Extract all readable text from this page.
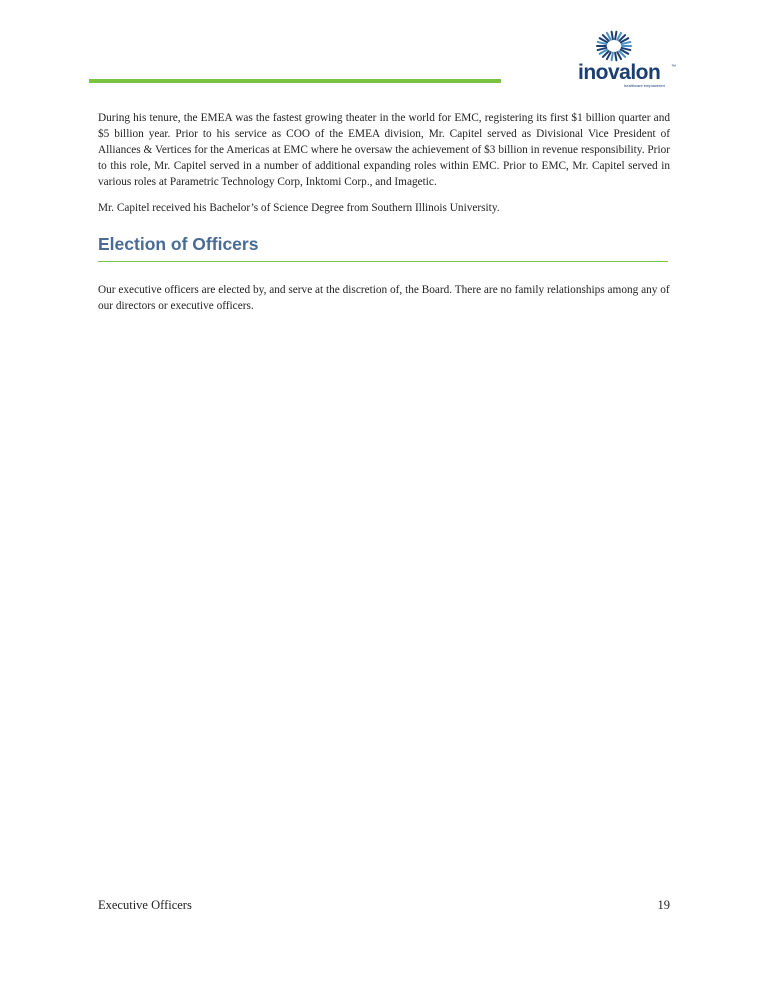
inovalon ™
healthcare empowered

During his tenure, the EMEA was the fastest growing theater in the world for EMC, registering its first $1 billion quarter and $5 billion year. Prior to his service as COO of the EMEA division, Mr. Capitel served as Divisional Vice President of Alliances & Vertices for the Americas at EMC where he oversaw the achievement of $3 billion in revenue responsibility. Prior to this role, Mr. Capitel served in a number of additional expanding roles within EMC. Prior to EMC, Mr. Capitel served in various roles at Parametric Technology Corp, Inktomi Corp., and Imagetic.

Mr. Capitel received his Bachelor’s of Science Degree from Southern Illinois University.

Election of Officers

Our executive officers are elected by, and serve at the discretion of, the Board. There are no family relationships among any of our directors or executive officers.

Executive Officers	19
